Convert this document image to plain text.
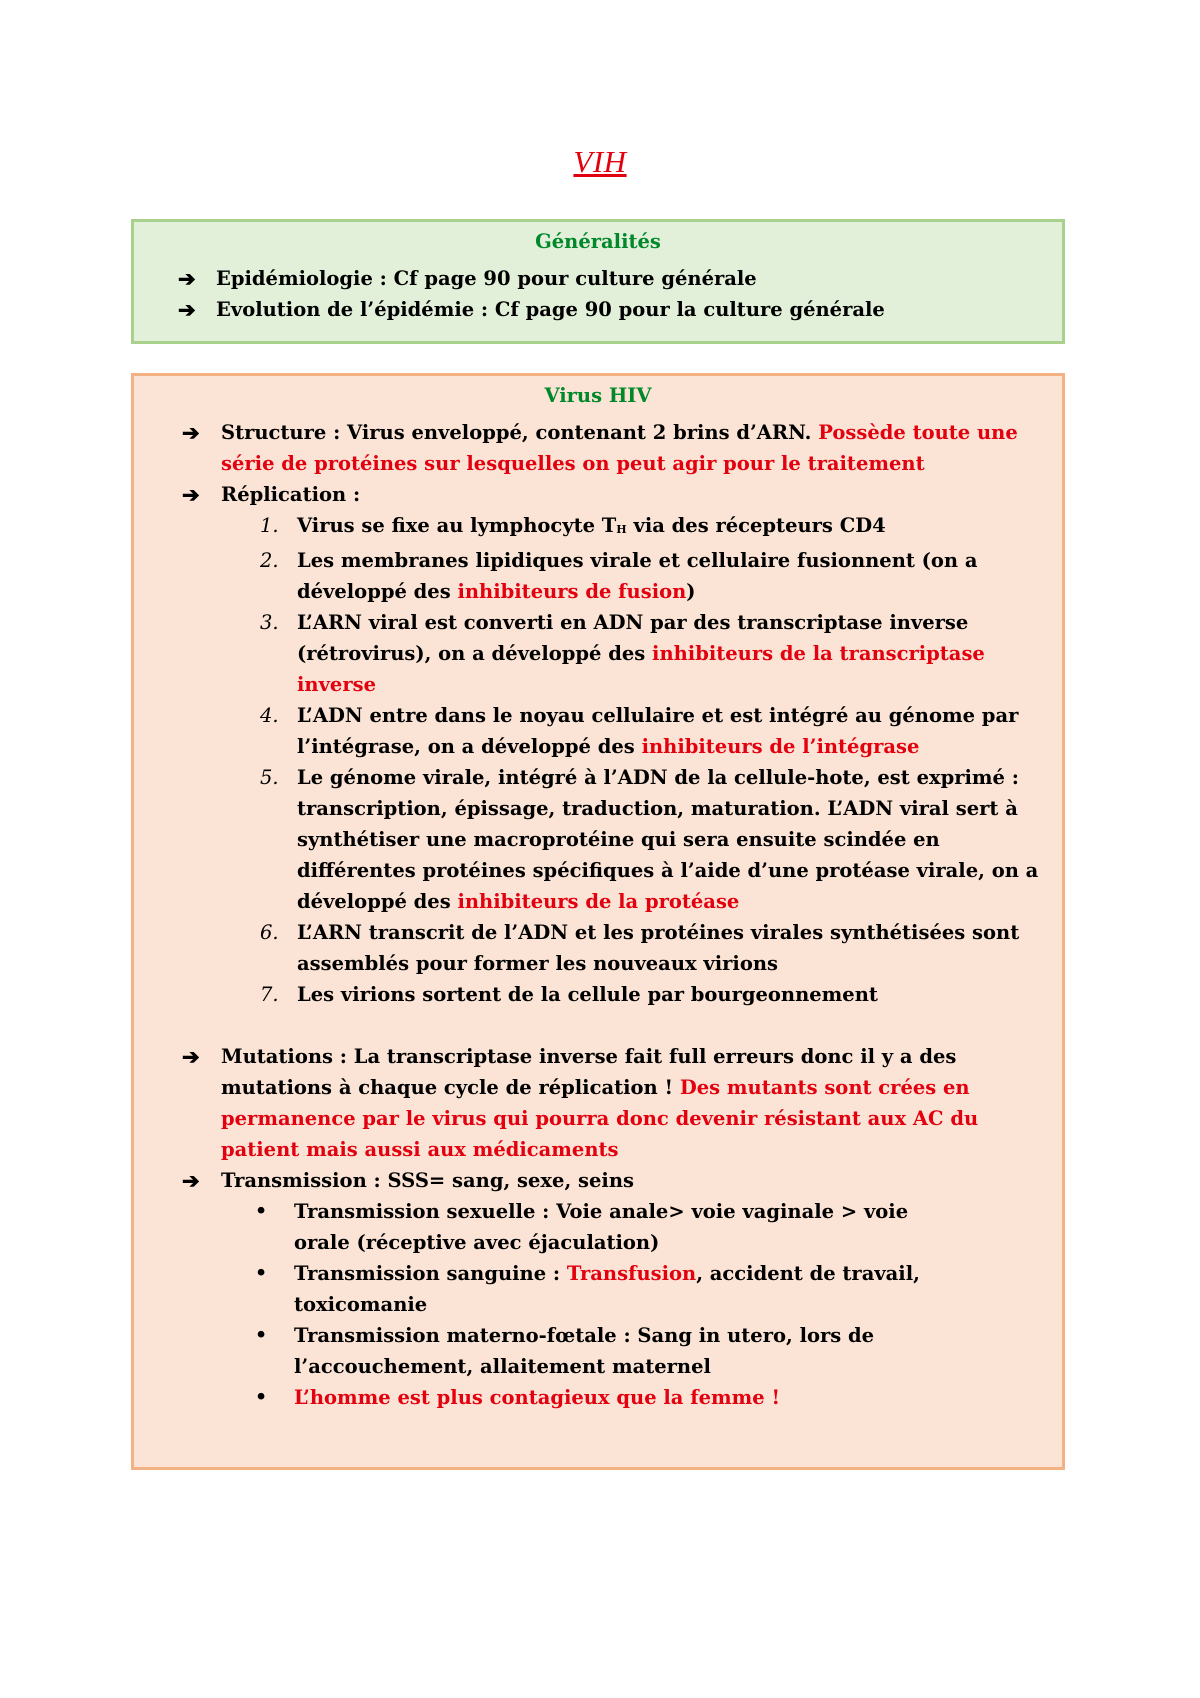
VIH
Généralités
➔ Epidémiologie : Cf page 90 pour culture générale
➔ Evolution de l’épidémie : Cf page 90 pour la culture générale
Virus HIV
➔ Structure : Virus enveloppé, contenant 2 brins d’ARN. Possède toute une série de protéines sur lesquelles on peut agir pour le traitement
➔ Réplication :
1. Virus se fixe au lymphocyte $T_H$ via des récepteurs CD4
2. Les membranes lipidiques virale et cellulaire fusionnent (on a développé des inhibiteurs de fusion)
3. L’ARN viral est converti en ADN par des transcriptase inverse (rétrovirus), on a développé des inhibiteurs de la transcriptase inverse
4. L’ADN entre dans le noyau cellulaire et est intégré au génome par l’intégrase, on a développé des inhibiteurs de l’intégrase
5. Le génome virale, intégré à l’ADN de la cellule-hote, est exprimé : transcription, épissage, traduction, maturation. L’ADN viral sert à synthétiser une macroprotéine qui sera ensuite scindée en différentes protéines spécifiques à l’aide d’une protéase virale, on a développé des inhibiteurs de la protéase
6. L’ARN transcrit de l’ADN et les protéines virales synthétisées sont assemblés pour former les nouveaux virions
7. Les virions sortent de la cellule par bourgeonnement
➔ Mutations : La transcriptase inverse fait full erreurs donc il y a des mutations à chaque cycle de réplication ! Des mutants sont crées en permanence par le virus qui pourra donc devenir résistant aux AC du patient mais aussi aux médicaments
➔ Transmission : SSS= sang, sexe, seins
• Transmission sexuelle : Voie anale> voie vaginale > voie orale (réceptive avec éjaculation)
• Transmission sanguine : Transfusion, accident de travail, toxicomanie
• Transmission materno-fœtale : Sang in utero, lors de l’accouchement, allaitement maternel
• L’homme est plus contagieux que la femme !
